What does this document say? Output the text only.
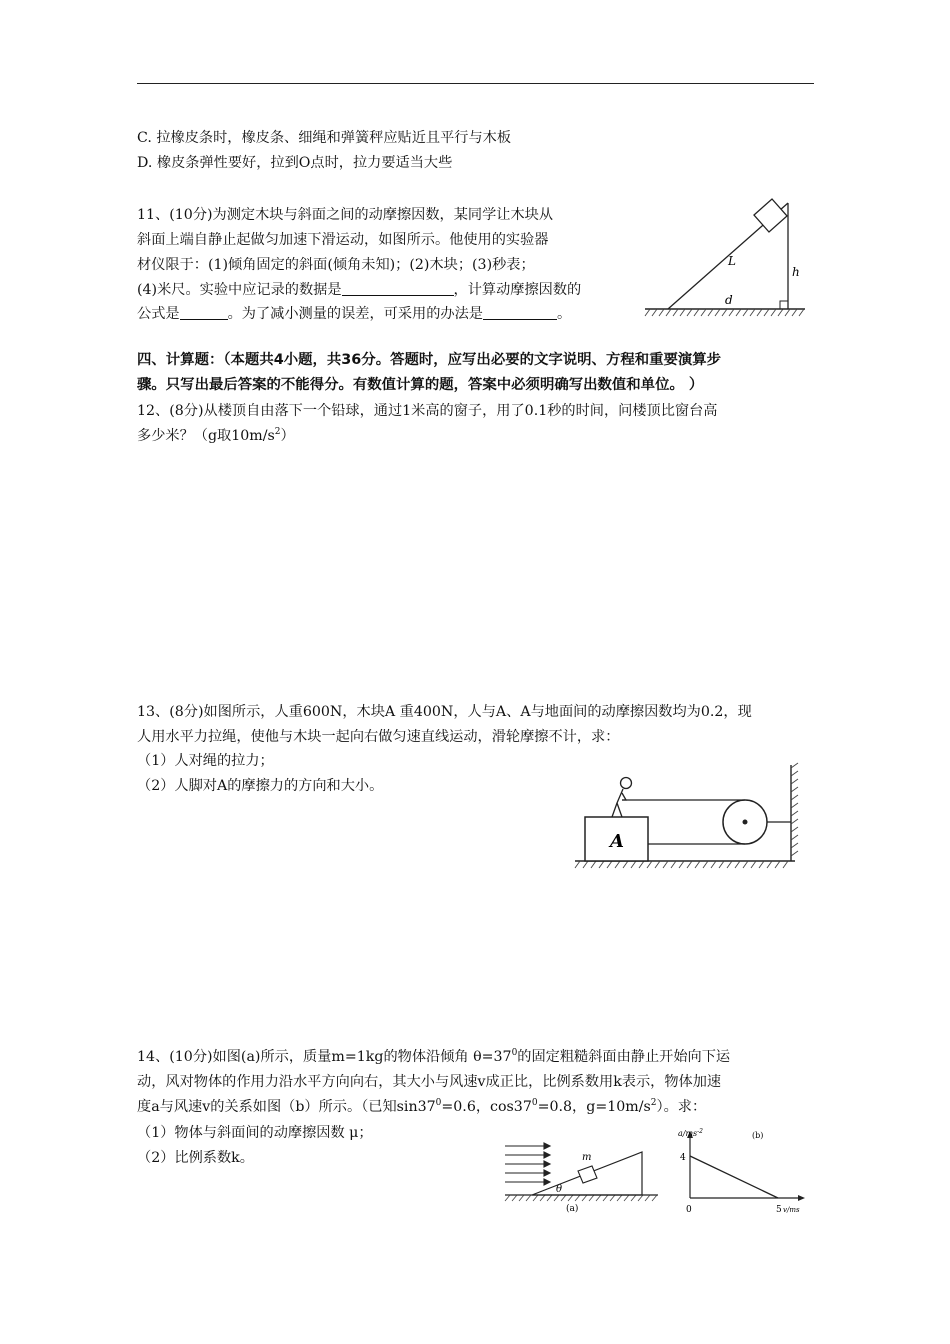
C. 拉橡皮条时，橡皮条、细绳和弹簧秤应贴近且平行与木板
D. 橡皮条弹性要好，拉到O点时，拉力要适当大些
11、(10分)为测定木块与斜面之间的动摩擦因数，某同学让木块从
斜面上端自静止起做匀加速下滑运动，如图所示。他使用的实验器
材仪限于：(1)倾角固定的斜面(倾角未知)；(2)木块；(3)秒表；
(4)米尺。实验中应记录的数据是	，计算动摩擦因数的
公式是	。为了减小测量的误差，可采用的办法是	。
L
h
d
四、计算题：（本题共4小题，共36分。答题时，应写出必要的文字说明、方程和重要演算步
骤。只写出最后答案的不能得分。有数值计算的题，答案中必须明确写出数值和单位。 ）
12、(8分)从楼顶自由落下一个铅球，通过1米高的窗子，用了0.1秒的时间，问楼顶比窗台高
多少米？（g取$10m/s^2$）
13、(8分)如图所示，人重600N，木块A 重400N，人与A、A与地面间的动摩擦因数均为0.2，现
人用水平力拉绳，使他与木块一起向右做匀速直线运动，滑轮摩擦不计，求：
（1）人对绳的拉力；
（2）人脚对A的摩擦力的方向和大小。
A
14、(10分)如图(a)所示，质量m=1kg的物体沿倾角 $\theta=37^0$的固定粗糙斜面由静止开始向下运
动，风对物体的作用力沿水平方向向右，其大小与风速v成正比，比例系数用k表示，物体加速
度a与风速v的关系如图（b）所示。（已知$\sin 37^0=0.6$，$\cos 37^0=0.8$，$g=10m/s^2$）。求：
（1）物体与斜面间的动摩擦因数 μ；
（2）比例系数k。	m
θ
(a)
$a/ms^{-2}$	(b)
4
0	5 v/ms
